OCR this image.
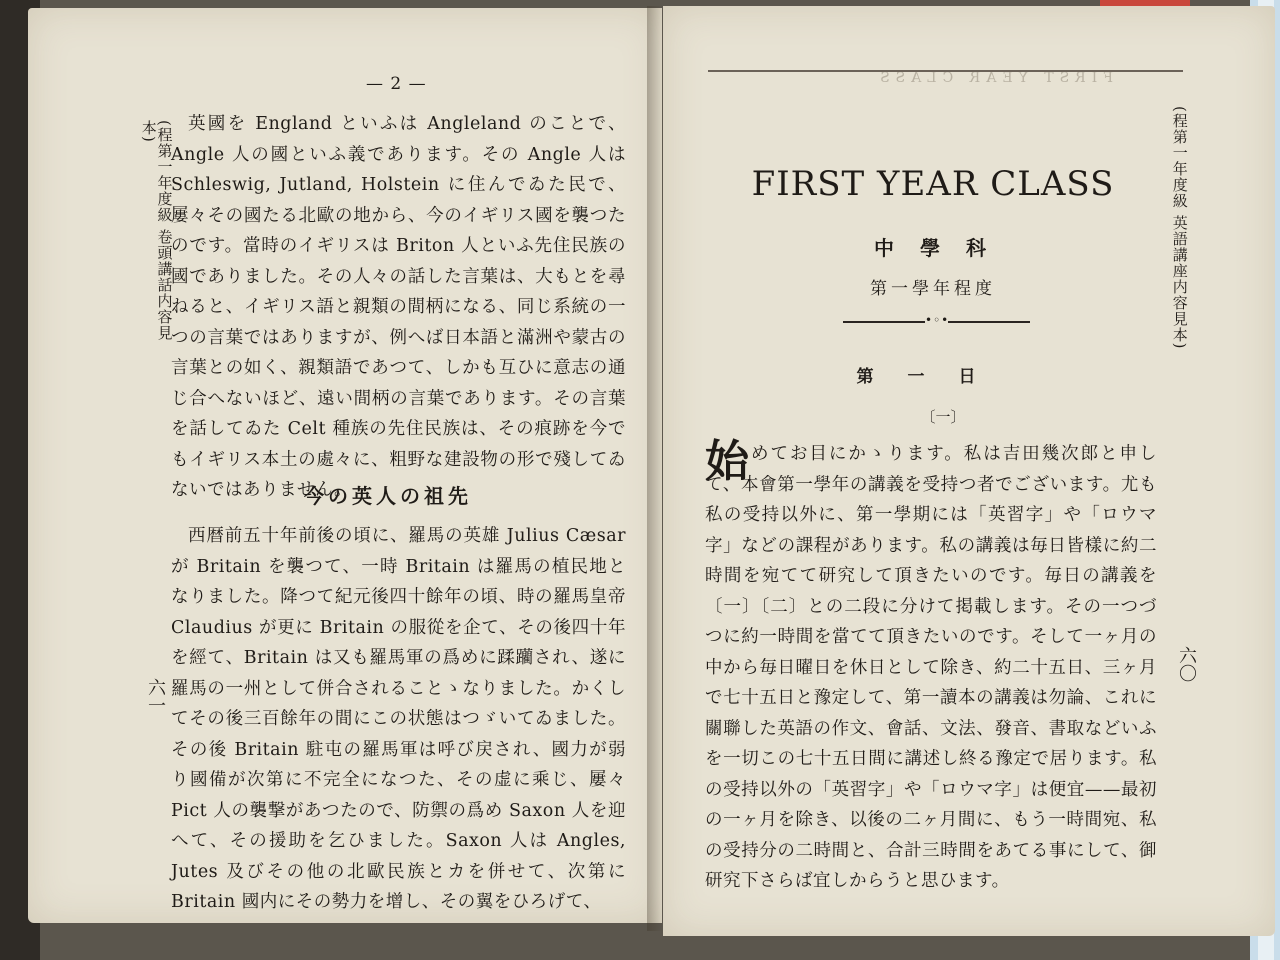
— 2 —
(程第一年度級 卷頭講話内容見本)
六一
英國を England といふは Angleland のことで、Angle 人の國といふ義であります。その Angle 人は Schleswig, Jutland, Holstein に住んでゐた民で、屢々その國たる北歐の地から、今のイギリス國を襲つたのです。當時のイギリスは Briton 人といふ先住民族の國でありました。その人々の話した言葉は、大もとを尋ねると、イギリス語と親類の間柄になる、同じ系統の一つの言葉ではありますが、例へば日本語と滿洲や蒙古の言葉との如く、親類語であつて、しかも互ひに意志の通じ合へないほど、遠い間柄の言葉であります。その言葉を話してゐた Celt 種族の先住民族は、その痕跡を今でもイギリス本土の處々に、粗野な建設物の形で殘してゐないではありません。
今の英人の祖先
西暦前五十年前後の頃に、羅馬の英雄 Julius Cæsar が Britain を襲つて、一時 Britain は羅馬の植民地となりました。降つて紀元後四十餘年の頃、時の羅馬皇帝 Claudius が更に Britain の服從を企て、その後四十年を經て、Britain は又も羅馬軍の爲めに蹂躪され、遂に羅馬の一州として併合されることゝなりました。かくしてその後三百餘年の間にこの状態はつゞいてゐました。その後 Britain 駐屯の羅馬軍は呼び戻され、國力が弱り國備が次第に不完全になつた、その虚に乘じ、屢々 Pict 人の襲撃があつたので、防禦の爲め Saxon 人を迎へて、その援助を乞ひました。Saxon 人は Angles, Jutes 及びその他の北歐民族とカを併せて、次第に Britain 國内にその勢力を增し、その翼をひろげて、
FIRST YEAR CLASS
(程第一年度級 英語講座内容見本)
六〇
FIRST YEAR CLASS
中學科
第一學年程度
•◦•
第一日
〔一〕
始 めてお目にかゝります。私は吉田幾次郎と申して、本會第一學年の講義を受持つ者でございます。尤も私の受持以外に、第一學期には「英習字」や「ロウマ字」などの課程があります。私の講義は毎日皆樣に約二時間を宛てて研究して頂きたいのです。毎日の講義を〔一〕〔二〕との二段に分けて掲載します。その一つづつに約一時間を當てて頂きたいのです。そして一ヶ月の中から毎日曜日を休日として除き、約二十五日、三ヶ月で七十五日と豫定して、第一讀本の講義は勿論、これに關聯した英語の作文、會話、文法、發音、書取などいふを一切この七十五日間に講述し終る豫定で居ります。私の受持以外の「英習字」や「ロウマ字」は便宜——最初の一ヶ月を除き、以後の二ヶ月間に、もう一時間宛、私の受持分の二時間と、合計三時間をあてる事にして、御研究下さらば宜しからうと思ひます。
